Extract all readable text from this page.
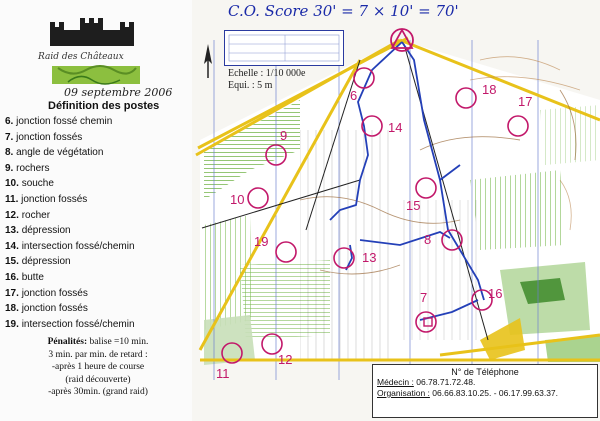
Raid des Châteaux
09 septembre 2006
Définition des postes
6. jonction fossé chemin
7. jonction fossés
8. angle de végétation
9. rochers
10. souche
11. jonction fossés
12. rocher
13. dépression
14. intersection fossé/chemin
15. dépression
16. butte
17. jonction fossés
18. jonction fossés
19. intersection fossé/chemin
Pénalités: balise =10 min.
3 min. par min. de retard :
-après 1 heure de course
(raid découverte)
-après 30min. (grand raid)
C.O. Score 30' = 7 × 10' = 70'
Echelle : 1/10 000e
Equi. : 5 m
6
7
8
9
10
11
12
13
14
15
16
17
18
19
N° de Téléphone
Médecin : 06.78.71.72.48.
Organisation : 06.66.83.10.25. - 06.17.99.63.37.
